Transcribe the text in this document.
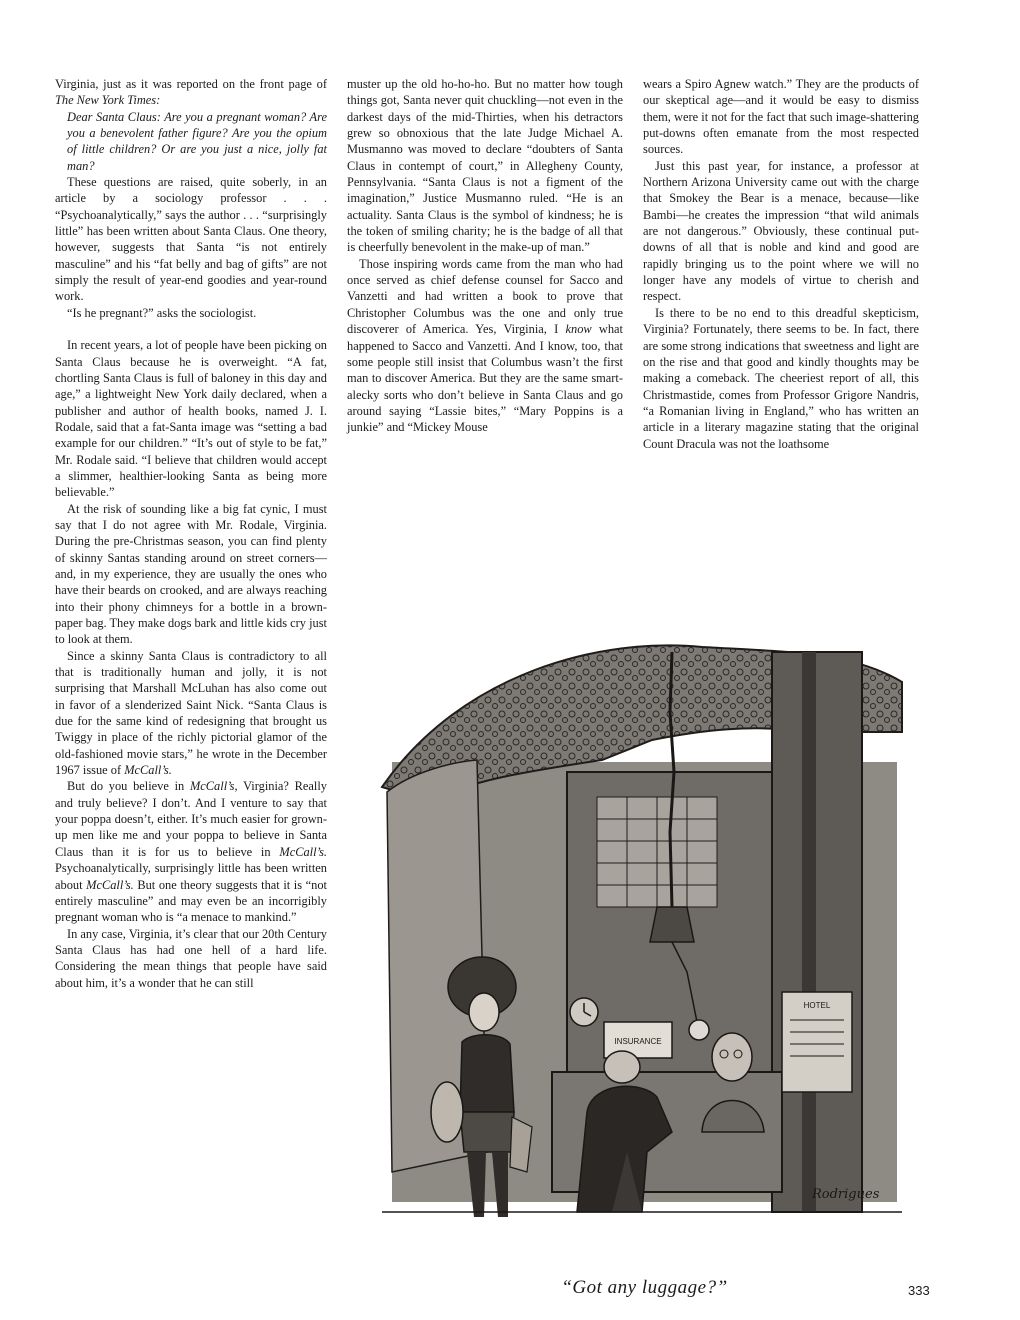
Virginia, just as it was reported on the front page of The New York Times:

Dear Santa Claus: Are you a pregnant woman? Are you a benevolent father figure? Are you the opium of little children? Or are you just a nice, jolly fat man?

These questions are raised, quite soberly, in an article by a sociology professor . . . “Psychoanalytically,” says the author . . . “surprisingly little” has been written about Santa Claus. One theory, however, suggests that Santa “is not entirely masculine” and his “fat belly and bag of gifts” are not simply the result of year-end goodies and year-round work.

“Is he pregnant?” asks the sociologist.

In recent years, a lot of people have been picking on Santa Claus because he is overweight. “A fat, chortling Santa Claus is full of baloney in this day and age,” a lightweight New York daily declared, when a publisher and author of health books, named J. I. Rodale, said that a fat-Santa image was “setting a bad example for our children.” “It’s out of style to be fat,” Mr. Rodale said. “I believe that children would accept a slimmer, healthier-looking Santa as being more believable.”

At the risk of sounding like a big fat cynic, I must say that I do not agree with Mr. Rodale, Virginia. During the pre-Christmas season, you can find plenty of skinny Santas standing around on street corners—and, in my experience, they are usually the ones who have their beards on crooked, and are always reaching into their phony chimneys for a bottle in a brown-paper bag. They make dogs bark and little kids cry just to look at them.

Since a skinny Santa Claus is contradictory to all that is traditionally human and jolly, it is not surprising that Marshall McLuhan has also come out in favor of a slenderized Saint Nick. “Santa Claus is due for the same kind of redesigning that brought us Twiggy in place of the richly pictorial glamor of the old-fashioned movie stars,” he wrote in the December 1967 issue of McCall’s.

But do you believe in McCall’s, Virginia? Really and truly believe? I don’t. And I venture to say that your poppa doesn’t, either. It’s much easier for grown-up men like me and your poppa to believe in Santa Claus than it is for us to believe in McCall’s. Psychoanalytically, surprisingly little has been written about McCall’s. But one theory suggests that it is “not entirely masculine” and may even be an incorrigibly pregnant woman who is “a menace to mankind.”

In any case, Virginia, it’s clear that our 20th Century Santa Claus has had one hell of a hard life. Considering the mean things that people have said about him, it’s a wonder that he can still

muster up the old ho-ho-ho. But no matter how tough things got, Santa never quit chuckling—not even in the darkest days of the mid-Thirties, when his detractors grew so obnoxious that the late Judge Michael A. Musmanno was moved to declare “doubters of Santa Claus in contempt of court,” in Allegheny County, Pennsylvania. “Santa Claus is not a figment of the imagination,” Justice Musmanno ruled. “He is an actuality. Santa Claus is the symbol of kindness; he is the token of smiling charity; he is the badge of all that is cheerfully benevolent in the make-up of man.”

Those inspiring words came from the man who had once served as chief defense counsel for Sacco and Vanzetti and had written a book to prove that Christopher Columbus was the one and only true discoverer of America. Yes, Virginia, I know what happened to Sacco and Vanzetti. And I know, too, that some people still insist that Columbus wasn’t the first man to discover America. But they are the same smart-alecky sorts who don’t believe in Santa Claus and go around saying “Lassie bites,” “Mary Poppins is a junkie” and “Mickey Mouse

wears a Spiro Agnew watch.” They are the products of our skeptical age—and it would be easy to dismiss them, were it not for the fact that such image-shattering put-downs often emanate from the most respected sources.

Just this past year, for instance, a professor at Northern Arizona University came out with the charge that Smokey the Bear is a menace, because—like Bambi—he creates the impression “that wild animals are not dangerous.” Obviously, these continual put-downs of all that is noble and kind and good are rapidly bringing us to the point where we will no longer have any models of virtue to cherish and respect.

Is there to be no end to this dreadful skepticism, Virginia? Fortunately, there seems to be. In fact, there are some strong indications that sweetness and light are on the rise and that good and kindly thoughts may be making a comeback. The cheeriest report of all, this Christmastide, comes from Professor Grigore Nandris, “a Romanian living in England,” who has written an article in a literary magazine stating that the original Count Dracula was not the loathsome

INSURANCE
HOTEL
Rodrigues
“Got any luggage?”	333
